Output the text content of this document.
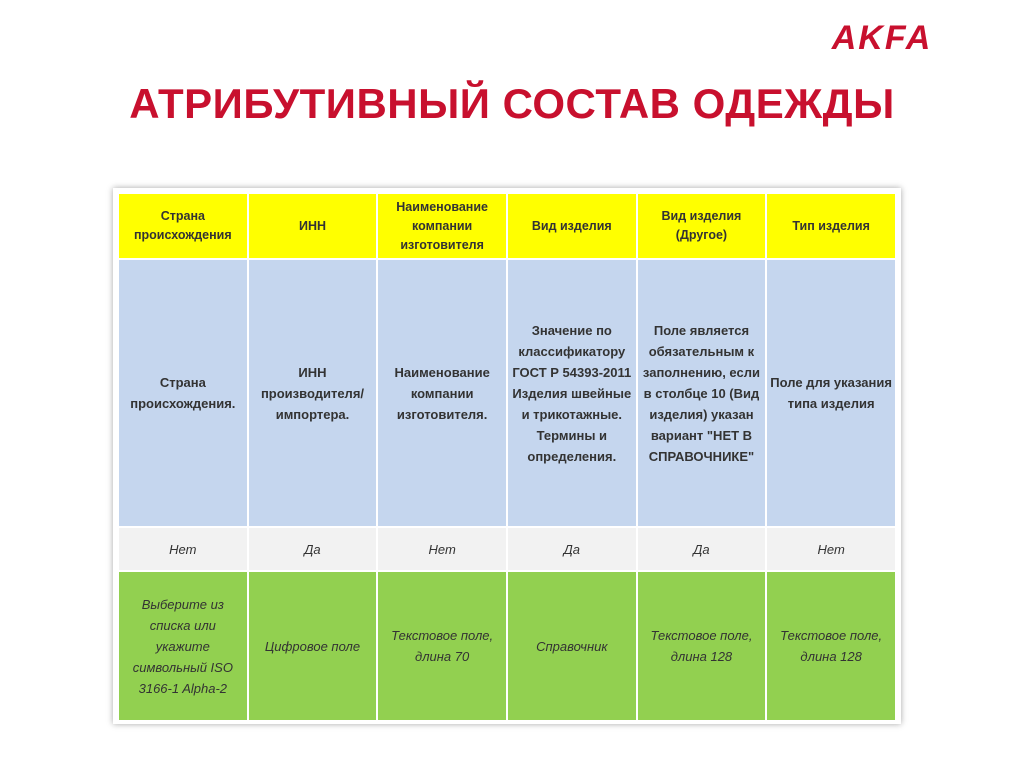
AKFA
АТРИБУТИВНЫЙ СОСТАВ ОДЕЖДЫ
Страна происхождения	ИНН	Наименование компании изготовителя	Вид изделия	Вид изделия (Другое)	Тип изделия
Страна происхождения.	ИНН производителя/ импортера.	Наименование компании изготовителя.	Значение по классификатору ГОСТ Р 54393-2011 Изделия швейные и трикотажные. Термины и определения.	Поле является обязательным к заполнению, если в столбце 10 (Вид изделия) указан вариант "НЕТ В СПРАВОЧНИКЕ"	Поле для указания типа изделия
Нет	Да	Нет	Да	Да	Нет
Выберите из списка или укажите символьный ISO 3166-1 Alpha-2	Цифровое поле	Текстовое поле, длина 70	Справочник	Текстовое поле, длина 128	Текстовое поле, длина 128
